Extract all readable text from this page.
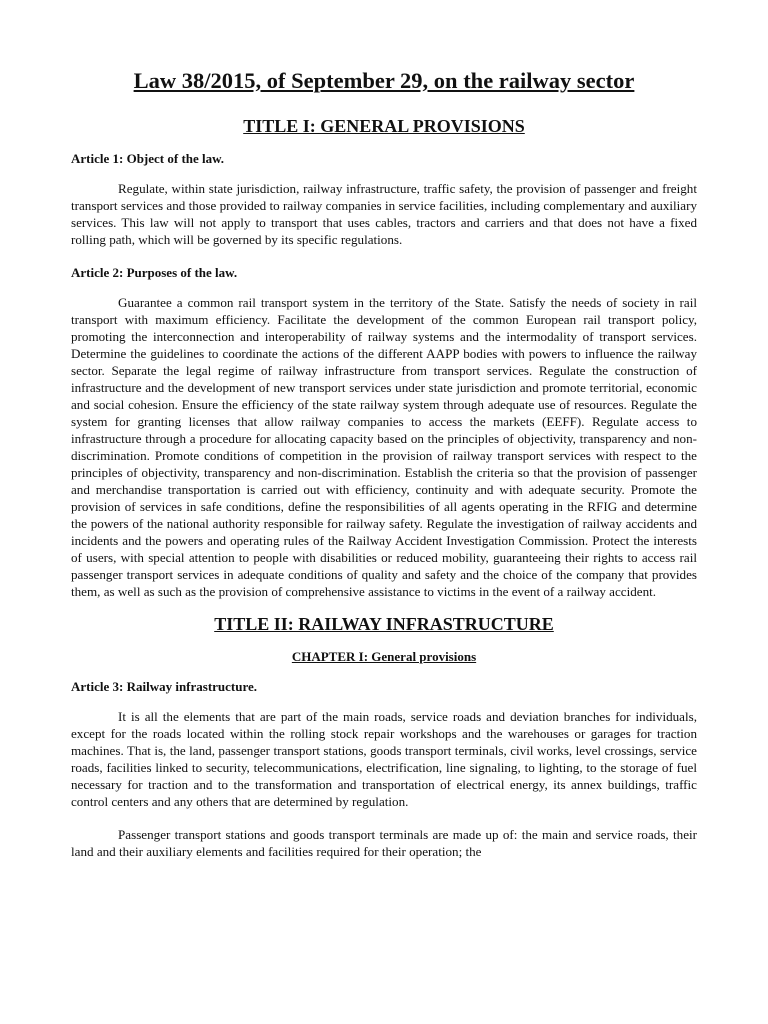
Law 38/2015, of September 29, on the railway sector
TITLE I: GENERAL PROVISIONS
Article 1: Object of the law.

Regulate, within state jurisdiction, railway infrastructure, traffic safety, the provision of passenger and freight transport services and those provided to railway companies in service facilities, including complementary and auxiliary services. This law will not apply to transport that uses cables, tractors and carriers and that does not have a fixed rolling path, which will be governed by its specific regulations.

Article 2: Purposes of the law.

Guarantee a common rail transport system in the territory of the State. Satisfy the needs of society in rail transport with maximum efficiency. Facilitate the development of the common European rail transport policy, promoting the interconnection and interoperability of railway systems and the intermodality of transport services. Determine the guidelines to coordinate the actions of the different AAPP bodies with powers to influence the railway sector. Separate the legal regime of railway infrastructure from transport services. Regulate the construction of infrastructure and the development of new transport services under state jurisdiction and promote territorial, economic and social cohesion. Ensure the efficiency of the state railway system through adequate use of resources. Regulate the system for granting licenses that allow railway companies to access the markets (EEFF). Regulate access to infrastructure through a procedure for allocating capacity based on the principles of objectivity, transparency and non-discrimination. Promote conditions of competition in the provision of railway transport services with respect to the principles of objectivity, transparency and non-discrimination. Establish the criteria so that the provision of passenger and merchandise transportation is carried out with efficiency, continuity and with adequate security. Promote the provision of services in safe conditions, define the responsibilities of all agents operating in the RFIG and determine the powers of the national authority responsible for railway safety. Regulate the investigation of railway accidents and incidents and the powers and operating rules of the Railway Accident Investigation Commission. Protect the interests of users, with special attention to people with disabilities or reduced mobility, guaranteeing their rights to access rail passenger transport services in adequate conditions of quality and safety and the choice of the company that provides them, as well as such as the provision of comprehensive assistance to victims in the event of a railway accident.

TITLE II: RAILWAY INFRASTRUCTURE
CHAPTER I: General provisions
Article 3: Railway infrastructure.

It is all the elements that are part of the main roads, service roads and deviation branches for individuals, except for the roads located within the rolling stock repair workshops and the warehouses or garages for traction machines. That is, the land, passenger transport stations, goods transport terminals, civil works, level crossings, service roads, facilities linked to security, telecommunications, electrification, line signaling, to lighting, to the storage of fuel necessary for traction and to the transformation and transportation of electrical energy, its annex buildings, traffic control centers and any others that are determined by regulation.

Passenger transport stations and goods transport terminals are made up of: the main and service roads, their land and their auxiliary elements and facilities required for their operation; the
